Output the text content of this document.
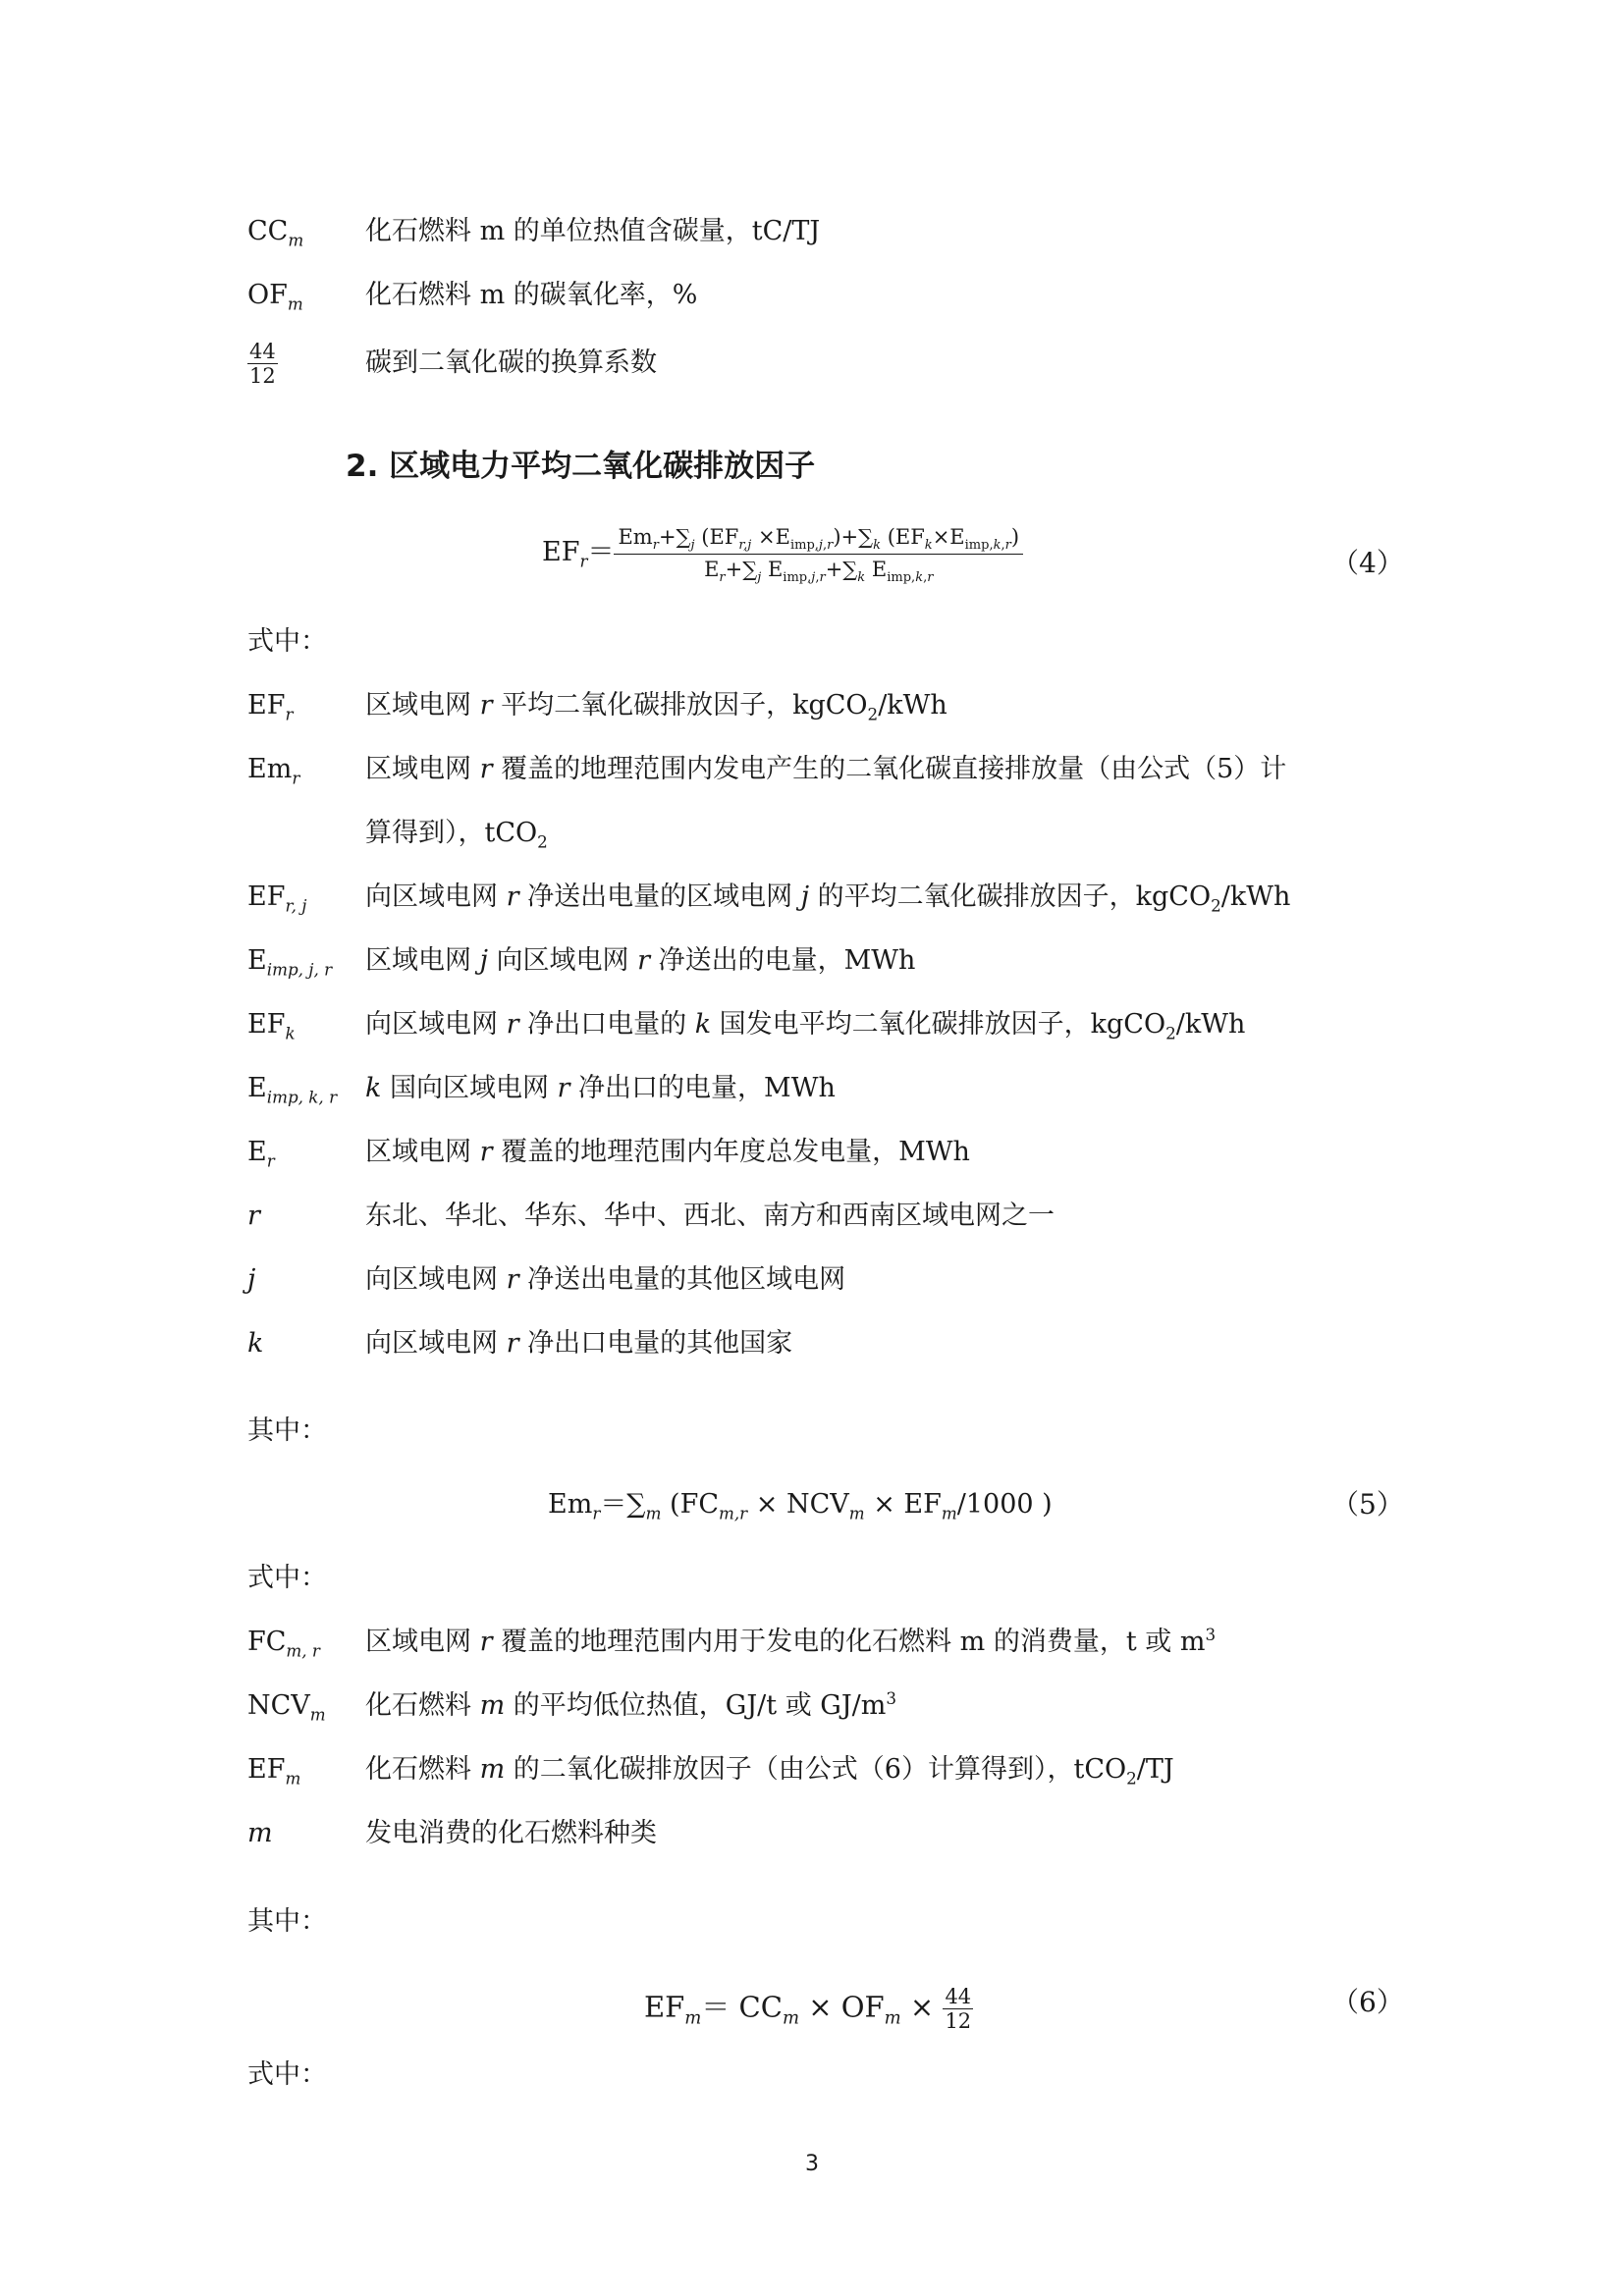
$CC_m$ 化石燃料 m 的单位热值含碳量，tC/TJ
$OF_m$ 化石燃料 m 的碳氧化率，%
$\frac{44}{12}$	碳到二氧化碳的换算系数
2. 区域电力平均二氧化碳排放因子
$EF_r= Em_r+\sum_j$ $(EF_{r,j} \times E_{imp,j,r})+\sum_k$ $(EF_k\times E_{imp,k,r})$
$E_r+\sum_j$ $E_{imp,j,r}+\sum_k$ $E_{imp,k,r}$	（4）
式中：
$EF_r$	区域电网 r 平均二氧化碳排放因子，kgCO$_2$/kWh
$Em_r$ 区域电网 r 覆盖的地理范围内发电产生的二氧化碳直接排放量（由公式（5）计
算得到），tCO$_2$
$EF_{r, j}$ 向区域电网 r 净送出电量的区域电网 j 的平均二氧化碳排放因子，kgCO$_2$/kWh
$E_{imp, j, r}$ 区域电网 j 向区域电网 r 净送出的电量，MWh
$EF_k$	向区域电网 r 净出口电量的 k 国发电平均二氧化碳排放因子，kgCO$_2$/kWh
$E_{imp, k, r}$ k 国向区域电网 r 净出口的电量，MWh
$E_r$	区域电网 r 覆盖的地理范围内年度总发电量，MWh
r	东北、华北、华东、华中、西北、南方和西南区域电网之一
j	向区域电网 r 净送出电量的其他区域电网
k	向区域电网 r 净出口电量的其他国家
其中：
$Em_r=\sum_m$ ($FC_{m,r} \times NCV_m \times EF_m/1000$ )	（5）
式中：
$FC_{m, r}$ 区域电网 r 覆盖的地理范围内用于发电的化石燃料 m 的消费量，t 或 $m^3$
$NCV_m$ 化石燃料 m 的平均低位热值，GJ/t 或 $GJ/m^3$
$EF_m$ 化石燃料 m 的二氧化碳排放因子（由公式（6）计算得到），tCO$_2$/TJ
m	发电消费的化石燃料种类
其中：
$EF_m= CC_m \times OF_m \times \frac{44}{12}$	（6）
式中：
3
